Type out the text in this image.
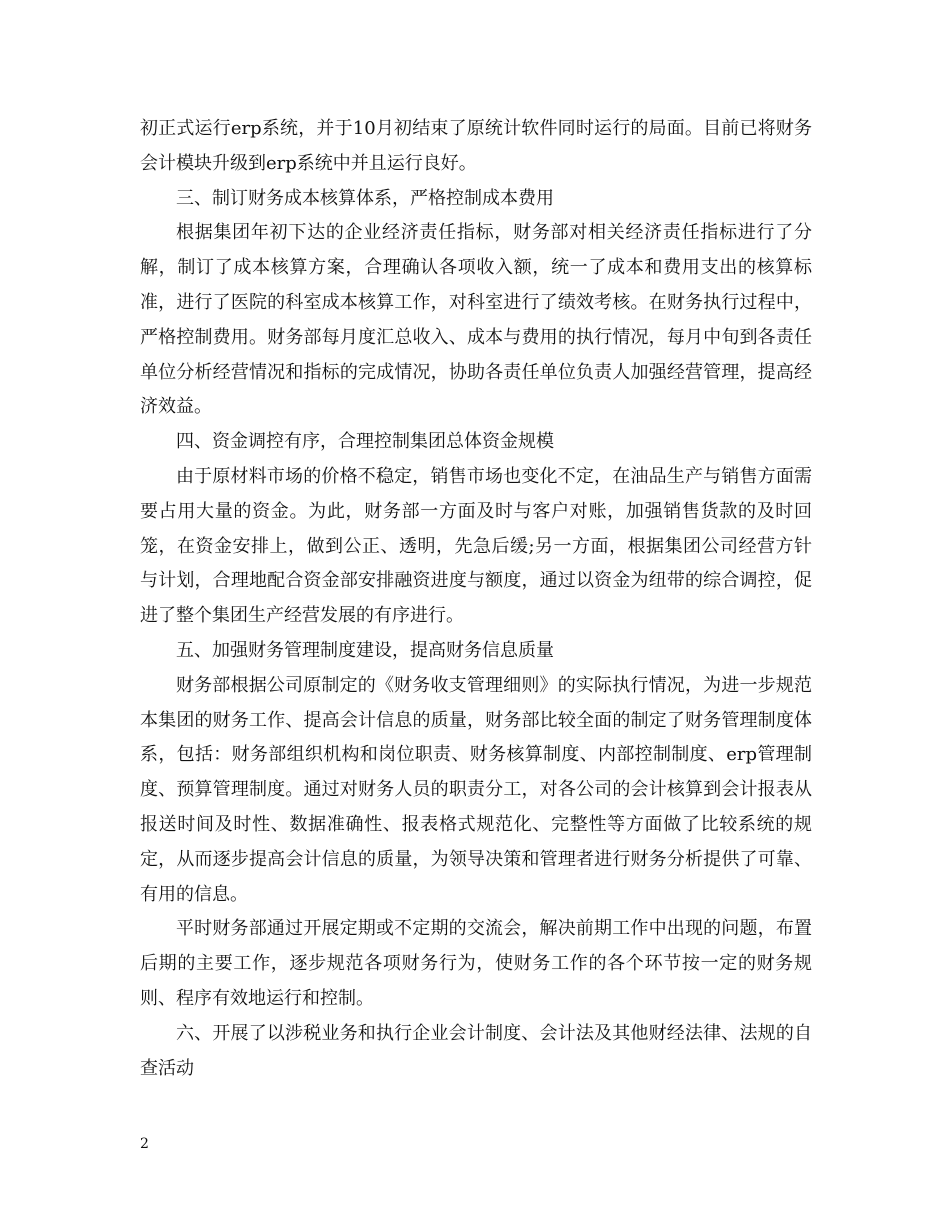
初正式运行erp系统，并于10月初结束了原统计软件同时运行的局面。目前已将财务会计模块升级到erp系统中并且运行良好。

三、制订财务成本核算体系，严格控制成本费用

根据集团年初下达的企业经济责任指标，财务部对相关经济责任指标进行了分解，制订了成本核算方案，合理确认各项收入额，统一了成本和费用支出的核算标准，进行了医院的科室成本核算工作，对科室进行了绩效考核。在财务执行过程中，严格控制费用。财务部每月度汇总收入、成本与费用的执行情况，每月中旬到各责任单位分析经营情况和指标的完成情况，协助各责任单位负责人加强经营管理，提高经济效益。

四、资金调控有序，合理控制集团总体资金规模

由于原材料市场的价格不稳定，销售市场也变化不定，在油品生产与销售方面需要占用大量的资金。为此，财务部一方面及时与客户对账，加强销售货款的及时回笼，在资金安排上，做到公正、透明，先急后缓;另一方面，根据集团公司经营方针与计划，合理地配合资金部安排融资进度与额度，通过以资金为纽带的综合调控，促进了整个集团生产经营发展的有序进行。

五、加强财务管理制度建设，提高财务信息质量

财务部根据公司原制定的《财务收支管理细则》的实际执行情况，为进一步规范本集团的财务工作、提高会计信息的质量，财务部比较全面的制定了财务管理制度体系，包括：财务部组织机构和岗位职责、财务核算制度、内部控制制度、erp管理制度、预算管理制度。通过对财务人员的职责分工，对各公司的会计核算到会计报表从报送时间及时性、数据准确性、报表格式规范化、完整性等方面做了比较系统的规定，从而逐步提高会计信息的质量，为领导决策和管理者进行财务分析提供了可靠、有用的信息。

平时财务部通过开展定期或不定期的交流会，解决前期工作中出现的问题，布置后期的主要工作，逐步规范各项财务行为，使财务工作的各个环节按一定的财务规则、程序有效地运行和控制。

六、开展了以涉税业务和执行企业会计制度、会计法及其他财经法律、法规的自查活动

2
